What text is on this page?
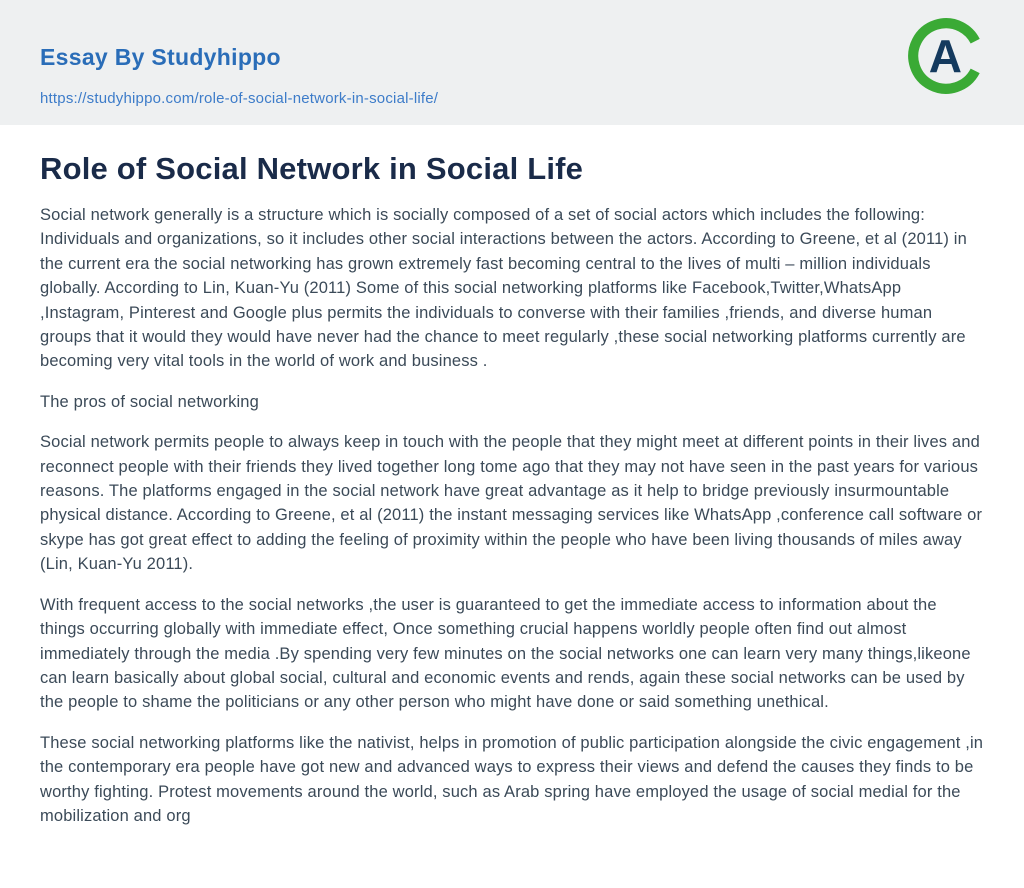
Essay By Studyhippo
https://studyhippo.com/role-of-social-network-in-social-life/
A
Role of Social Network in Social Life

Social network generally is a structure which is socially composed of a set of social actors which includes the following: Individuals and organizations, so it includes other social interactions between the actors. According to Greene, et al (2011) in the current era the social networking has grown extremely fast becoming central to the lives of multi – million individuals globally. According to Lin, Kuan-Yu (2011) Some of this social networking platforms like Facebook,Twitter,WhatsApp ,Instagram, Pinterest and Google plus permits the individuals to converse with their families ,friends, and diverse human groups that it would they would have never had the chance to meet regularly ,these social networking platforms currently are becoming very vital tools in the world of work and business .

The pros of social networking

Social network permits people to always keep in touch with the people that they might meet at different points in their lives and reconnect people with their friends they lived together long tome ago that they may not have seen in the past years for various reasons. The platforms engaged in the social network have great advantage as it help to bridge previously insurmountable physical distance. According to Greene, et al (2011) the instant messaging services like WhatsApp ,conference call software or skype has got great effect to adding the feeling of proximity within the people who have been living thousands of miles away (Lin, Kuan-Yu 2011).

With frequent access to the social networks ,the user is guaranteed to get the immediate access to information about the things occurring globally with immediate effect, Once something crucial happens worldly people often find out almost immediately through the media .By spending very few minutes on the social networks one can learn very many things,likeone can learn basically about global social, cultural and economic events and rends, again these social networks can be used by the people to shame the politicians or any other person who might have done or said something unethical.

These social networking platforms like the nativist, helps in promotion of public participation alongside the civic engagement ,in the contemporary era people have got new and advanced ways to express their views and defend the causes they finds to be worthy fighting. Protest movements around the world, such as Arab spring have employed the usage of social medial for the mobilization and org
